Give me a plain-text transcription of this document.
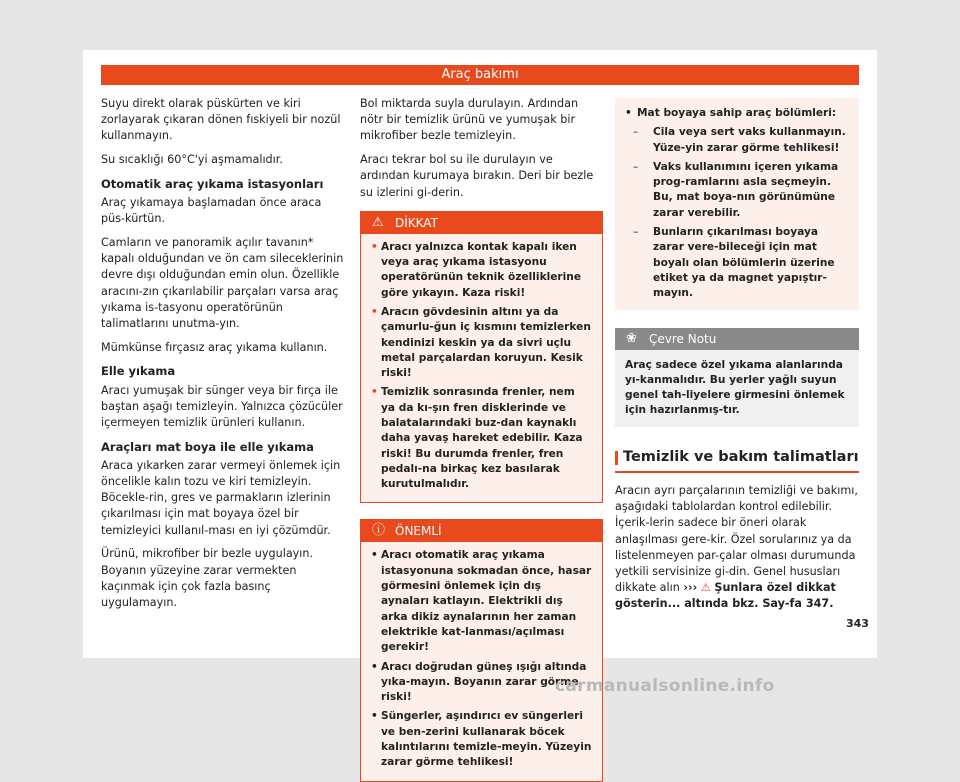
Araç bakımı

Suyu direkt olarak püskürten ve kiri zorlayarak çıkaran dönen fıskiyeli bir nozül kullanmayın.

Su sıcaklığı 60°C'yi aşmamalıdır.

Otomatik araç yıkama istasyonları

Araç yıkamaya başlamadan önce araca püs-kürtün.

Camların ve panoramik açılır tavanın* kapalı olduğundan ve ön cam sileceklerinin devre dışı olduğundan emin olun. Özellikle aracını-zın çıkarılabilir parçaları varsa araç yıkama is-tasyonu operatörünün talimatlarını unutma-yın.

Mümkünse fırçasız araç yıkama kullanın.

Elle yıkama

Aracı yumuşak bir sünger veya bir fırça ile baştan aşağı temizleyin. Yalnızca çözücüler içermeyen temizlik ürünleri kullanın.

Araçları mat boya ile elle yıkama

Araca yıkarken zarar vermeyi önlemek için öncelikle kalın tozu ve kiri temizleyin. Böcekle-rin, gres ve parmakların izlerinin çıkarılması için mat boyaya özel bir temizleyici kullanıl-ması en iyi çözümdür.

Ürünü, mikrofiber bir bezle uygulayın. Boyanın yüzeyine zarar vermekten kaçınmak için çok fazla basınç uygulamayın.

Bol miktarda suyla durulayın. Ardından nötr bir temizlik ürünü ve yumuşak bir mikrofiber bezle temizleyin.

Aracı tekrar bol su ile durulayın ve ardından kurumaya bırakın. Deri bir bezle su izlerini gi-derin.

⚠ DİKKAT
• Aracı yalnızca kontak kapalı iken veya araç yıkama istasyonu operatörünün teknik özelliklerine göre yıkayın. Kaza riski!
• Aracın gövdesinin altını ya da çamurlu-ğun iç kısmını temizlerken kendinizi keskin ya da sivri uçlu metal parçalardan koruyun. Kesik riski!
• Temizlik sonrasında frenler, nem ya da kı-şın fren disklerinde ve balatalarındaki buz-dan kaynaklı daha yavaş hareket edebilir. Kaza riski! Bu durumda frenler, fren pedalı-na birkaç kez basılarak kurutulmalıdır.
ⓘ ÖNEMLİ
• Aracı otomatik araç yıkama istasyonuna sokmadan önce, hasar görmesini önlemek için dış aynaları katlayın. Elektrikli dış arka dikiz aynalarının her zaman elektrikle kat-lanması/açılması gerekir!
• Aracı doğrudan güneş ışığı altında yıka-mayın. Boyanın zarar görme riski!
• Süngerler, aşındırıcı ev süngerleri ve ben-zerini kullanarak böcek kalıntılarını temizle-meyin. Yüzeyin zarar görme tehlikesi!
• Mat boyaya sahip araç bölümleri:
– Cila veya sert vaks kullanmayın. Yüze-yin zarar görme tehlikesi!
– Vaks kullanımını içeren yıkama prog-ramlarını asla seçmeyin. Bu, mat boya-nın görünümüne zarar verebilir.
– Bunların çıkarılması boyaya zarar vere-bileceği için mat boyalı olan bölümlerin üzerine etiket ya da magnet yapıştır-mayın.
❀ Çevre Notu
Araç sadece özel yıkama alanlarında yı-kanmalıdır. Bu yerler yağlı suyun genel tah-liyelere girmesini önlemek için hazırlanmış-tır.
Temizlik ve bakım talimatları

Aracın ayrı parçalarının temizliği ve bakımı, aşağıdaki tablolardan kontrol edilebilir. İçerik-lerin sadece bir öneri olarak anlaşılması gere-kir. Özel sorularınız ya da listelenmeyen par-çalar olması durumunda yetkili servisinize gi-din. Genel hususları dikkate alın ››› ⚠ Şunlara özel dikkat gösterin... altında bkz. Say-fa 347.

343
carmanualsonline.info
